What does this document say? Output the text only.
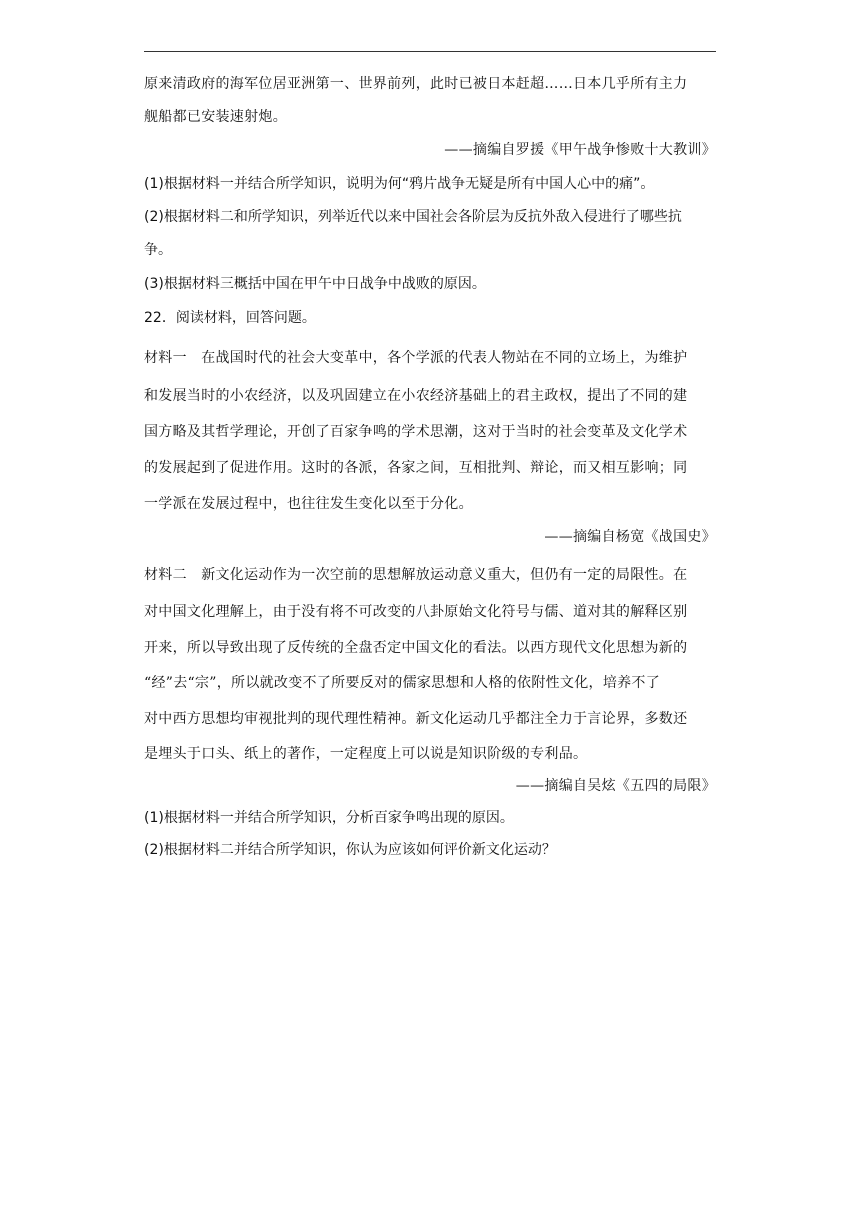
原来清政府的海军位居亚洲第一、世界前列，此时已被日本赶超……日本几乎所有主力
舰船都已安装速射炮。
——摘编自罗援《甲午战争惨败十大教训》
(1)根据材料一并结合所学知识，说明为何“鸦片战争无疑是所有中国人心中的痛”。
(2)根据材料二和所学知识，列举近代以来中国社会各阶层为反抗外敌入侵进行了哪些抗
争。
(3)根据材料三概括中国在甲午中日战争中战败的原因。
22．阅读材料，回答问题。
材料一　在战国时代的社会大变革中，各个学派的代表人物站在不同的立场上，为维护
和发展当时的小农经济，以及巩固建立在小农经济基础上的君主政权，提出了不同的建
国方略及其哲学理论，开创了百家争鸣的学术思潮，这对于当时的社会变革及文化学术
的发展起到了促进作用。这时的各派，各家之间，互相批判、辩论，而又相互影响；同
一学派在发展过程中，也往往发生变化以至于分化。
——摘编自杨宽《战国史》
材料二　新文化运动作为一次空前的思想解放运动意义重大，但仍有一定的局限性。在
对中国文化理解上，由于没有将不可改变的八卦原始文化符号与儒、道对其的解释区别
开来，所以导致出现了反传统的全盘否定中国文化的看法。以西方现代文化思想为新的
“经”去“宗”，所以就改变不了所要反对的儒家思想和人格的依附性文化，培养不了
对中西方思想均审视批判的现代理性精神。新文化运动几乎都注全力于言论界，多数还
是埋头于口头、纸上的著作，一定程度上可以说是知识阶级的专利品。
——摘编自吴炫《五四的局限》
(1)根据材料一并结合所学知识，分析百家争鸣出现的原因。
(2)根据材料二并结合所学知识，你认为应该如何评价新文化运动？
